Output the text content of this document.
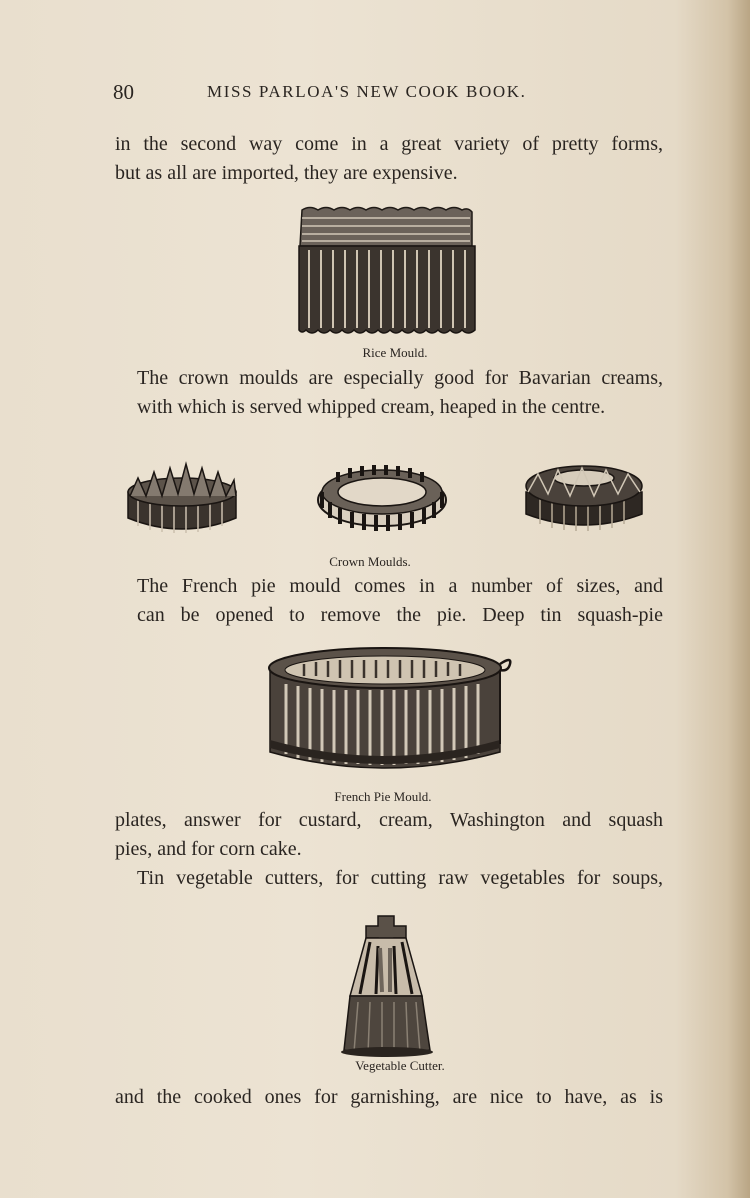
80	MISS PARLOA'S NEW COOK BOOK.

in the second way come in a great variety of pretty forms,
but as all are imported, they are expensive.

Rice Mould.

The crown moulds are especially good for Bavarian creams,
with which is served whipped cream, heaped in the centre.

Crown Moulds.

The French pie mould comes in a number of sizes, and
can be opened to remove the pie. Deep tin squash-pie

French Pie Mould.

plates, answer for custard, cream, Washington and squash
pies, and for corn cake.

Tin vegetable cutters, for cutting raw vegetables for soups,

Vegetable Cutter.

and the cooked ones for garnishing, are nice to have, as is
